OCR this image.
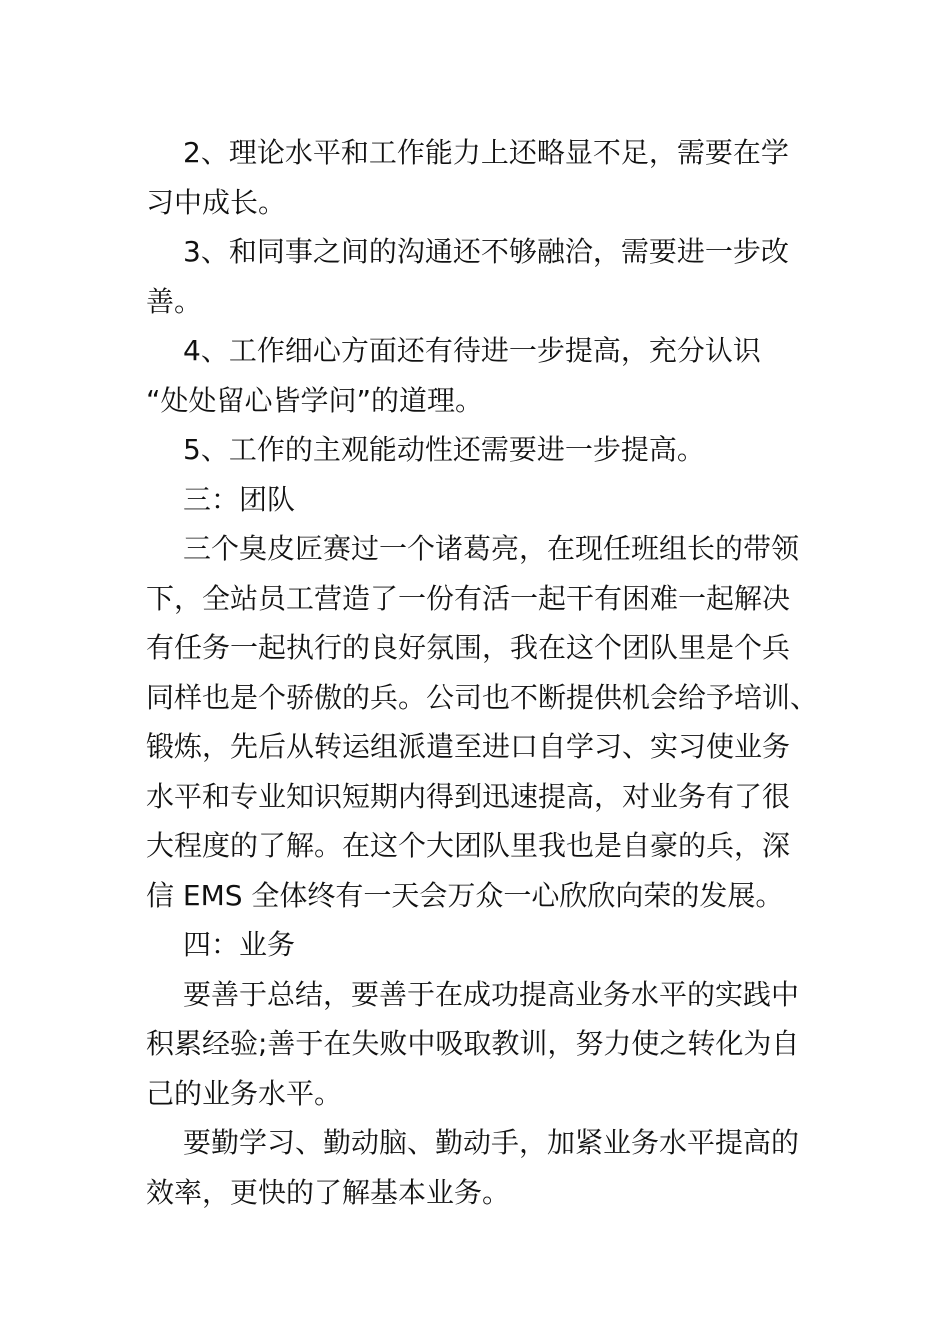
2、理论水平和工作能力上还略显不足，需要在学
习中成长。
3、和同事之间的沟通还不够融洽，需要进一步改
善。
4、工作细心方面还有待进一步提高，充分认识
“处处留心皆学问”的道理。
5、工作的主观能动性还需要进一步提高。
三：团队
三个臭皮匠赛过一个诸葛亮，在现任班组长的带领
下，全站员工营造了一份有活一起干有困难一起解决
有任务一起执行的良好氛围，我在这个团队里是个兵
同样也是个骄傲的兵。公司也不断提供机会给予培训、
锻炼，先后从转运组派遣至进口自学习、实习使业务
水平和专业知识短期内得到迅速提高，对业务有了很
大程度的了解。在这个大团队里我也是自豪的兵，深
信 EMS 全体终有一天会万众一心欣欣向荣的发展。
四：业务
要善于总结，要善于在成功提高业务水平的实践中
积累经验;善于在失败中吸取教训，努力使之转化为自
己的业务水平。
要勤学习、勤动脑、勤动手，加紧业务水平提高的
效率，更快的了解基本业务。
